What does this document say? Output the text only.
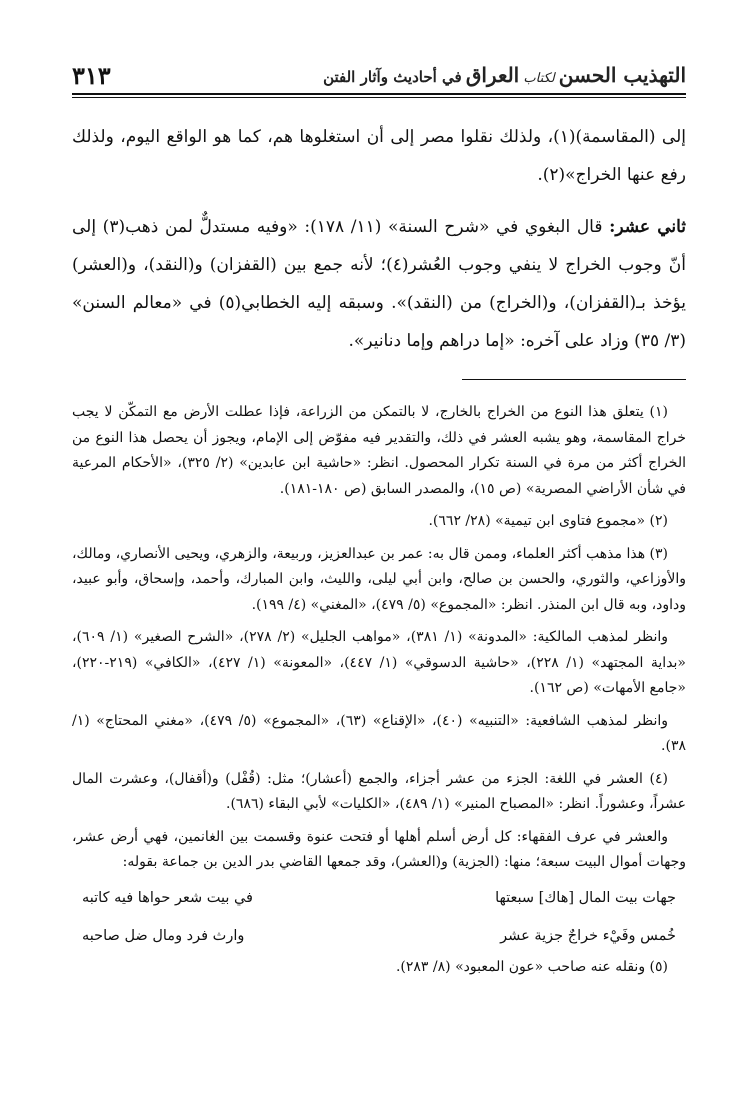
التهذيب الحسن لكتاب العراق في أحاديث وآثار الفتن
٣١٣

إلى (المقاسمة)(١)، ولذلك نقلوا مصر إلى أن استغلوها هم، كما هو الواقع اليوم، ولذلك رفع عنها الخراج»(٢).

ثاني عشر: قال البغوي في «شرح السنة» (١١/ ١٧٨): «وفيه مستدلٌّ لمن ذهب(٣) إلى أنّ وجوب الخراج لا ينفي وجوب العُشر(٤)؛ لأنه جمع بين (القفزان) و(النقد)، و(العشر) يؤخذ بـ(القفزان)، و(الخراج) من (النقد)». وسبقه إليه الخطابي(٥) في «معالم السنن» (٣/ ٣٥) وزاد على آخره: «إما دراهم وإما دنانير».

(١) يتعلق هذا النوع من الخراج بالخارج، لا بالتمكن من الزراعة، فإذا عطلت الأرض مع التمكّن لا يجب خراج المقاسمة، وهو يشبه العشر في ذلك، والتقدير فيه مفوّض إلى الإمام، ويجوز أن يحصل هذا النوع من الخراج أكثر من مرة في السنة تكرار المحصول. انظر: «حاشية ابن عابدين» (٢/ ٣٢٥)، «الأحكام المرعية في شأن الأراضي المصرية» (ص ١٥)، والمصدر السابق (ص ١٨٠-١٨١).

(٢) «مجموع فتاوى ابن تيمية» (٢٨/ ٦٦٢).

(٣) هذا مذهب أكثر العلماء، وممن قال به: عمر بن عبدالعزيز، وربيعة، والزهري، ويحيى الأنصاري، ومالك، والأوزاعي، والثوري، والحسن بن صالح، وابن أبي ليلى، والليث، وابن المبارك، وأحمد، وإسحاق، وأبو عبيد، وداود، وبه قال ابن المنذر. انظر: «المجموع» (٥/ ٤٧٩)، «المغني» (٤/ ١٩٩).

وانظر لمذهب المالكية: «المدونة» (١/ ٣٨١)، «مواهب الجليل» (٢/ ٢٧٨)، «الشرح الصغير» (١/ ٦٠٩)، «بداية المجتهد» (١/ ٢٢٨)، «حاشية الدسوقي» (١/ ٤٤٧)، «المعونة» (١/ ٤٢٧)، «الكافي» (٢١٩-٢٢٠)، «جامع الأمهات» (ص ١٦٢).

وانظر لمذهب الشافعية: «التنبيه» (٤٠)، «الإقناع» (٦٣)، «المجموع» (٥/ ٤٧٩)، «مغني المحتاج» (١/ ٣٨).

(٤) العشر في اللغة: الجزء من عشر أجزاء، والجمع (أعشار)؛ مثل: (قُفْل) و(أقفال)، وعشرت المال عشراً، وعشوراً. انظر: «المصباح المنير» (١/ ٤٨٩)، «الكليات» لأبي البقاء (٦٨٦).

والعشر في عرف الفقهاء: كل أرض أسلم أهلها أو فتحت عنوة وقسمت بين الغانمين، فهي أرض عشر، وجهات أموال البيت سبعة؛ منها: (الجزية) و(العشر)، وقد جمعها القاضي بدر الدين بن جماعة بقوله:

جهات بيت المال [هاك] سبعتها
في بيت شعر حواها فيه كاتبه
خُمس وفَيْء خراجٌ جزية عشر
وارث فرد ومال ضل صاحبه

(٥) ونقله عنه صاحب «عون المعبود» (٨/ ٢٨٣).
